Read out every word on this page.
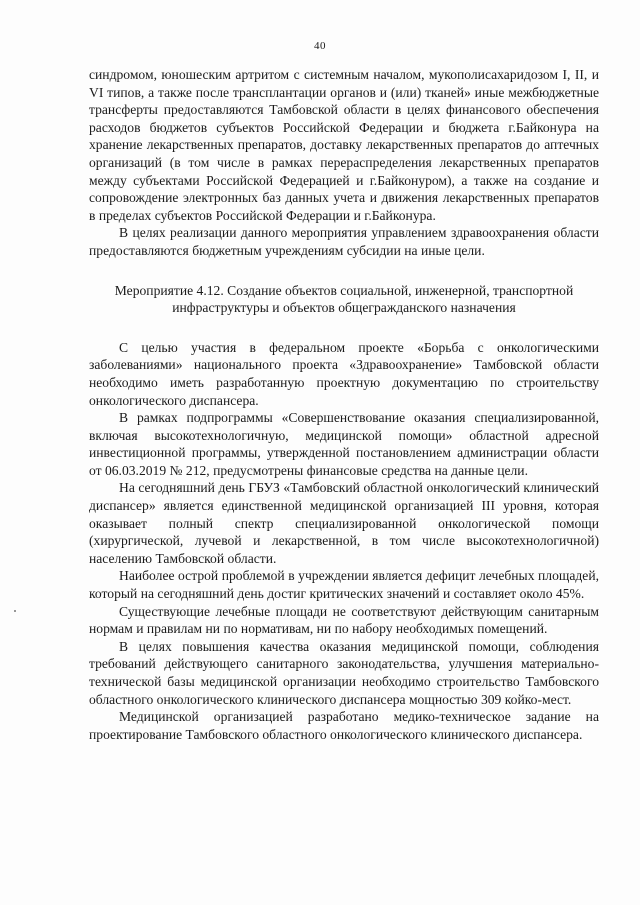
40

синдромом, юношеским артритом с системным началом, мукополисахаридозом I, II, и VI типов, а также после трансплантации органов и (или) тканей» иные межбюджетные трансферты предоставляются Тамбовской области в целях финансового обеспечения расходов бюджетов субъектов Российской Федерации и бюджета г.Байконура на хранение лекарственных препаратов, доставку лекарственных препаратов до аптечных организаций (в том числе в рамках перераспределения лекарственных препаратов между субъектами Российской Федерацией и г.Байконуром), а также на создание и сопровождение электронных баз данных учета и движения лекарственных препаратов в пределах субъектов Российской Федерации и г.Байконура.

В целях реализации данного мероприятия управлением здравоохранения области предоставляются бюджетным учреждениям субсидии на иные цели.

Мероприятие 4.12. Создание объектов социальной, инженерной, транспортной инфраструктуры и объектов общегражданского назначения

С целью участия в федеральном проекте «Борьба с онкологическими заболеваниями» национального проекта «Здравоохранение» Тамбовской области необходимо иметь разработанную проектную документацию по строительству онкологического диспансера.

В рамках подпрограммы «Совершенствование оказания специализированной, включая высокотехнологичную, медицинской помощи» областной адресной инвестиционной программы, утвержденной постановлением администрации области от 06.03.2019 № 212, предусмотрены финансовые средства на данные цели.

На сегодняшний день ГБУЗ «Тамбовский областной онкологический клинический диспансер» является единственной медицинской организацией III уровня, которая оказывает полный спектр специализированной онкологической помощи (хирургической, лучевой и лекарственной, в том числе высокотехнологичной) населению Тамбовской области.

Наиболее острой проблемой в учреждении является дефицит лечебных площадей, который на сегодняшний день достиг критических значений и составляет около 45%.

Существующие лечебные площади не соответствуют действующим санитарным нормам и правилам ни по нормативам, ни по набору необходимых помещений.

В целях повышения качества оказания медицинской помощи, соблюдения требований действующего санитарного законодательства, улучшения материально-технической базы медицинской организации необходимо строительство Тамбовского областного онкологического клинического диспансера мощностью 309 койко-мест.

Медицинской организацией разработано медико-техническое задание на проектирование Тамбовского областного онкологического клинического диспансера.
